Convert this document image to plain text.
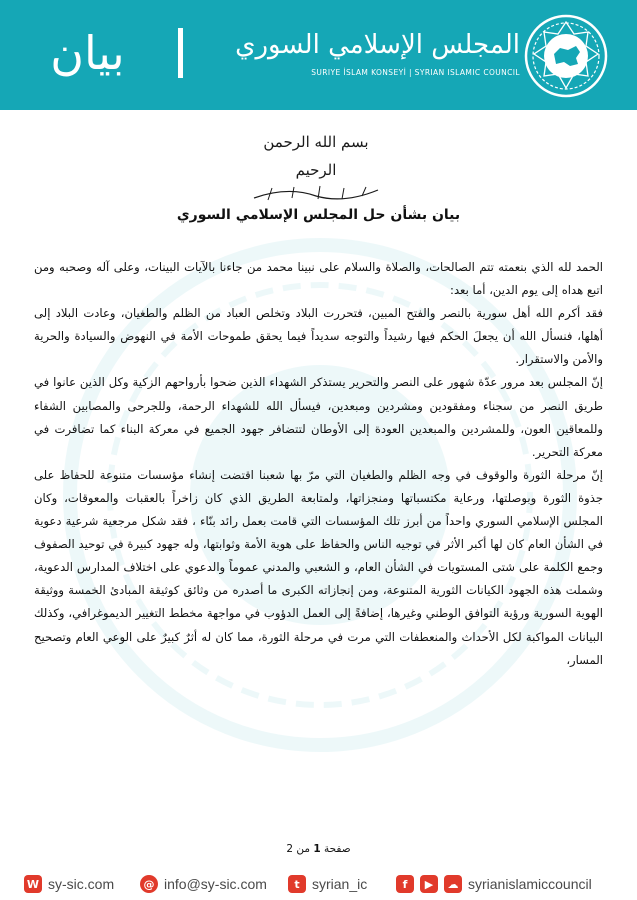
بيان	المجلس الإسلامي السوري
SURIYE İSLAM KONSEYİ | SYRIAN ISLAMIC COUNCIL
بسم الله الرحمن الرحيم
بيان بشأن حل المجلس الإسلامي السوري

الحمد لله الذي بنعمته تتم الصالحات، والصلاة والسلام على نبينا محمد من جاءنا بالآيات البينات، وعلى آله وصحبه ومن اتبع هداه إلى يوم الدين، أما بعد:

فقد أكرم الله أهل سورية بالنصر والفتح المبين، فتحررت البلاد وتخلص العباد من الظلم والطغيان، وعادت البلاد إلى أهلها، فنسأل الله أن يجعلَ الحكم فيها رشيداً والتوجه سديداً فيما يحقق طموحات الأمة في النهوض والسيادة والحرية والأمن والاستقرار.

إنّ المجلس بعد مرور عدّة شهور على النصر والتحرير يستذكر الشهداء الذين ضحوا بأرواحهم الزكية وكل الذين عانوا في طريق النصر من سجناء ومفقودين ومشردين ومبعدين، فيسأل الله للشهداء الرحمة، وللجرحى والمصابين الشفاء وللمعاقين العون، وللمشردين والمبعدين العودة إلى الأوطان لتتضافر جهود الجميع في معركة البناء كما تضافرت في معركة التحرير.

إنّ مرحلة الثورة والوقوف في وجه الظلم والطغيان التي مرّ بها شعبنا اقتضت إنشاء مؤسسات متنوعة للحفاظ على جذوة الثورة وبوصلتها، ورعاية مكتسباتها ومنجزاتها، ولمتابعة الطريق الذي كان زاخراً بالعقبات والمعوقات، وكان المجلس الإسلامي السوري واحداً من أبرز تلك المؤسسات التي قامت بعمل رائد بنّاء ، فقد شكل مرجعية شرعية دعوية في الشأن العام كان لها أكبر الأثر في توجيه الناس والحفاظ على هوية الأمة وثوابتها، وله جهود كبيرة في توحيد الصفوف وجمع الكلمة على شتى المستويات في الشأن العام، و الشعبي والمدني عموماً والدعوي على اختلاف المدارس الدعوية، وشملت هذه الجهود الكيانات الثورية المتنوعة، ومن إنجازاته الكبرى ما أصدره من وثائق كوثيقة المبادئ الخمسة ووثيقة الهوية السورية ورؤية التوافق الوطني وغيرها، إضافةً إلى العمل الدؤوب في مواجهة مخطط التغيير الديموغرافي، وكذلك البيانات المواكبة لكل الأحداث والمنعطفات التي مرت في مرحلة الثورة، مما كان له أثرٌ كبيرٌ على الوعي العام وتصحيح المسار،

صفحة 1 من 2
W sy-sic.com	@ info@sy-sic.com	t syrian_ic	f	▶	☁ syrianislamiccouncil
